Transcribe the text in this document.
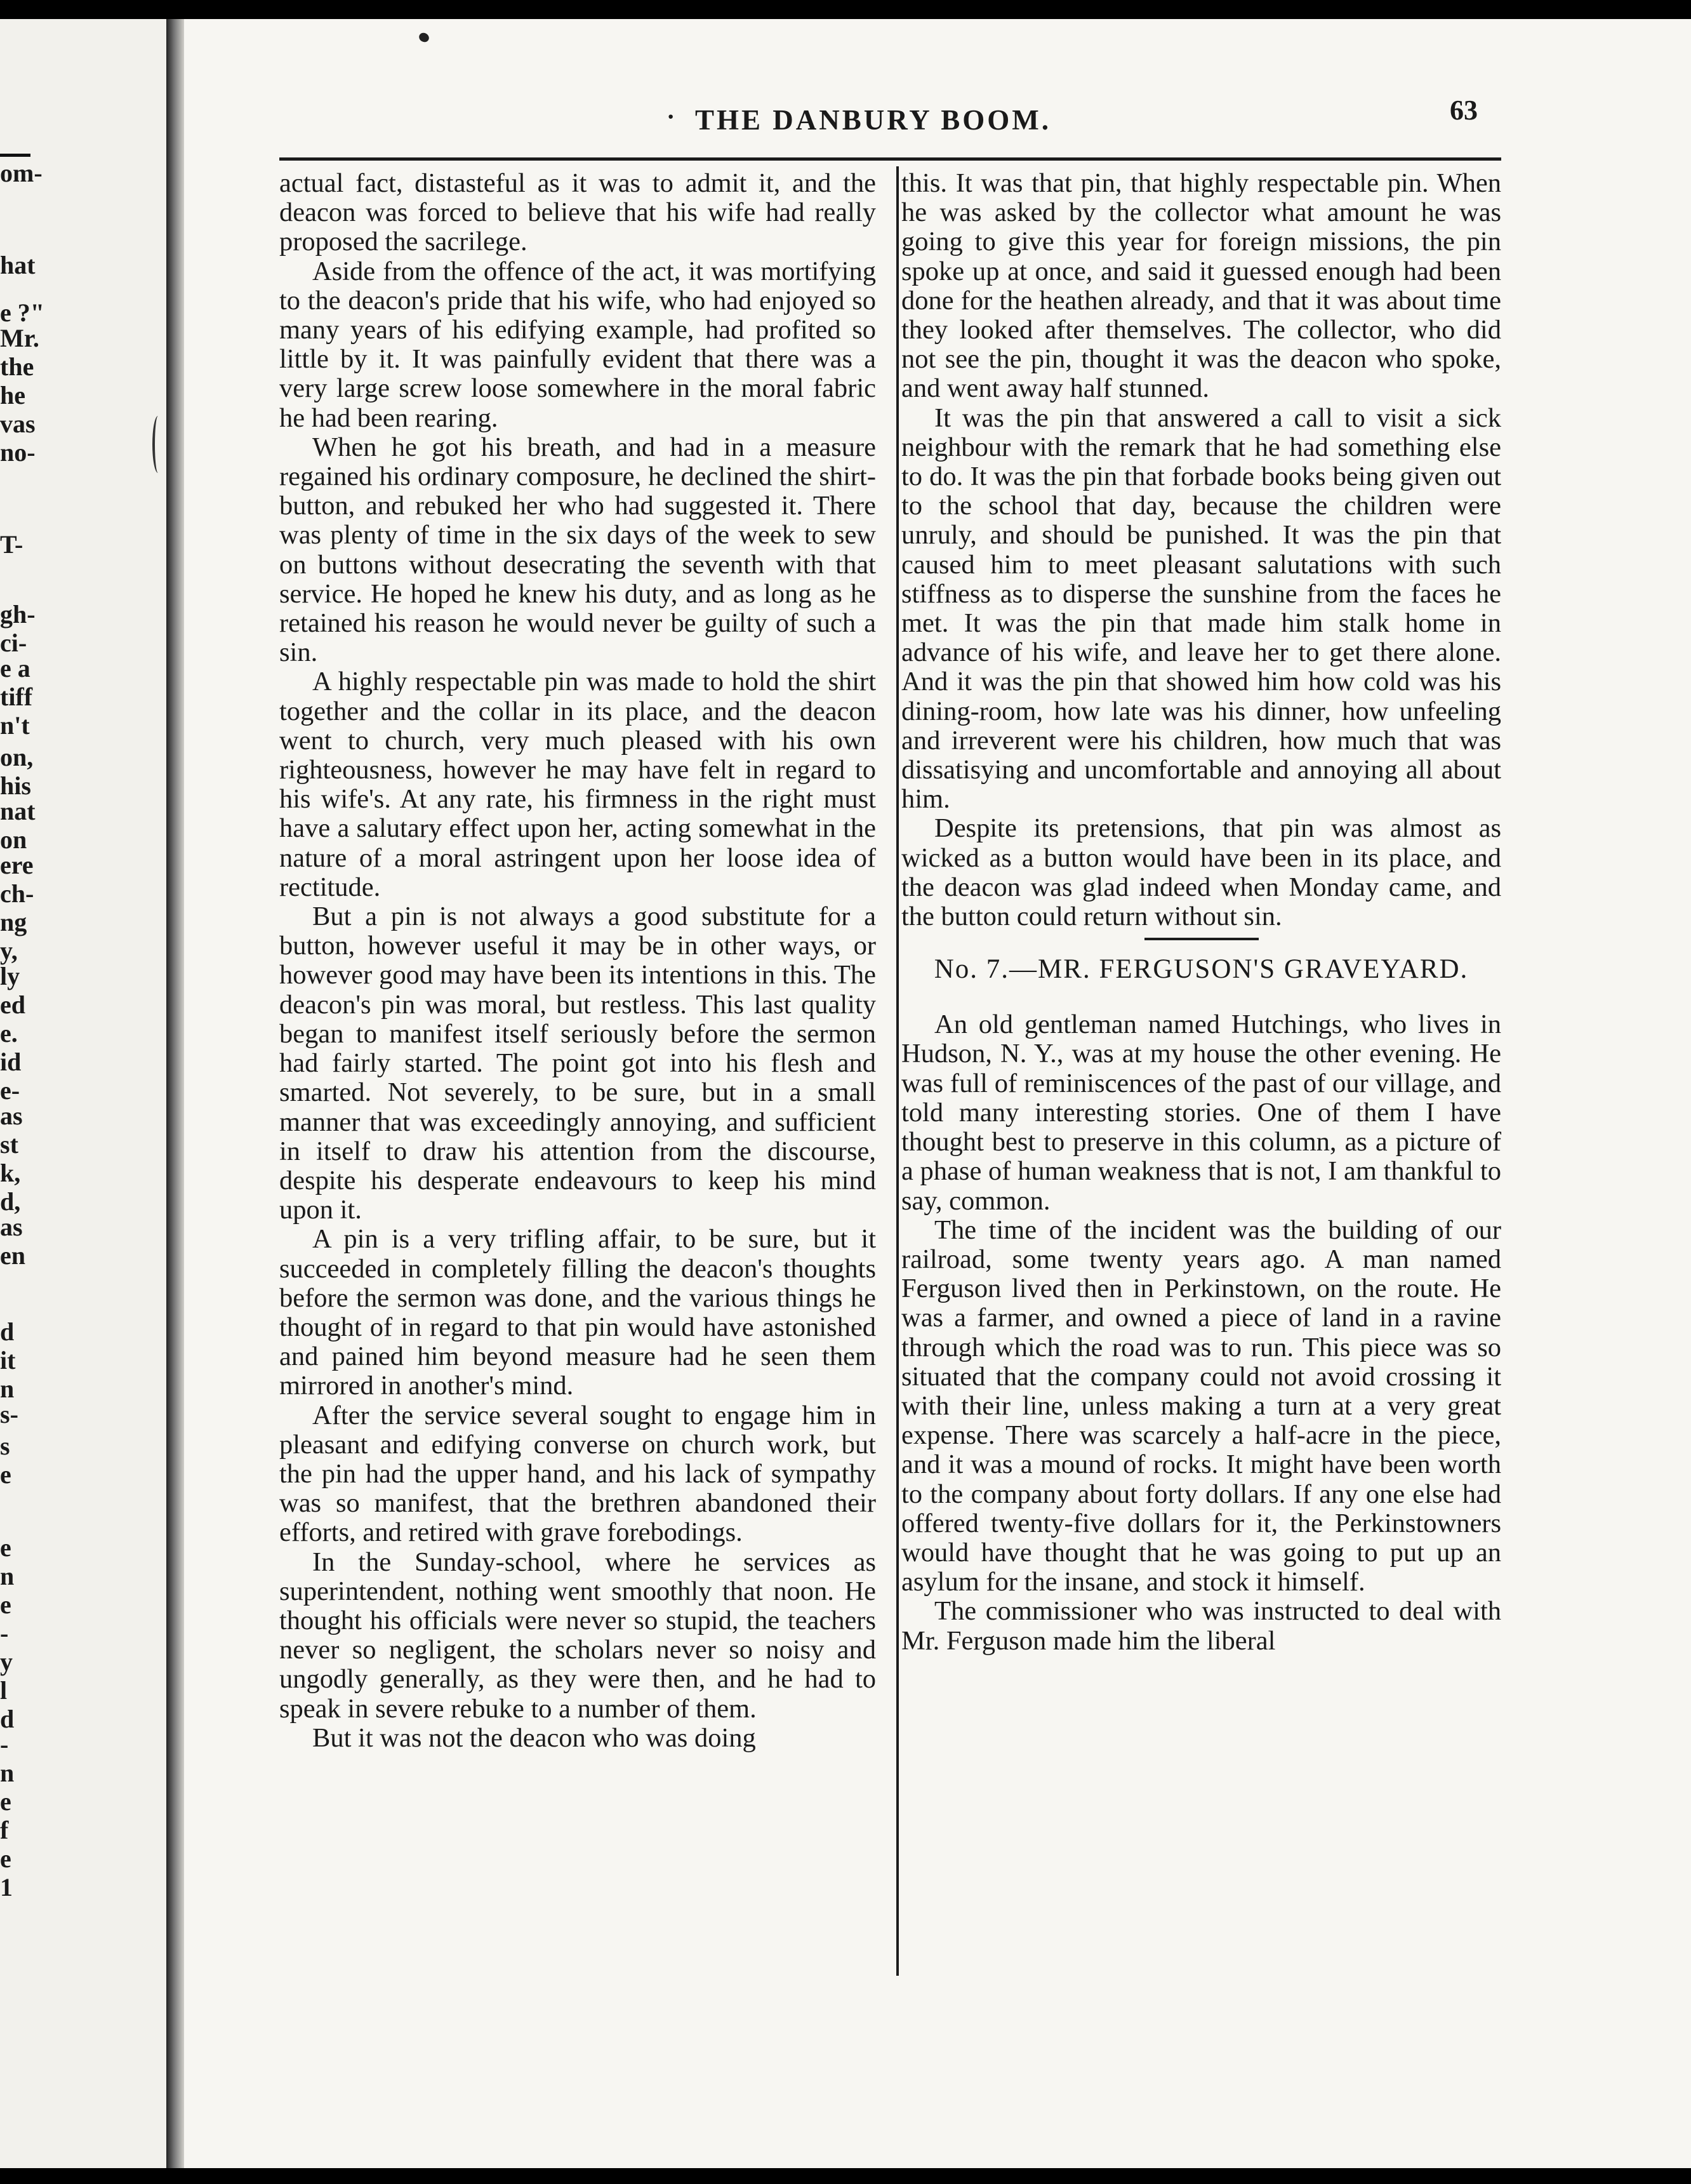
om-
hat
e ?"
Mr.
the
he
vas
no-
T-
gh-
ci-
e a
tiff
n't
on,
his
nat
on
ere
ch-
ng
y,
ly
ed
e.
id
e-
as
st
k,
d,
as
en
d
it
n
s-
s
e
e
n
e
-
y
l
d
-
n
e
f
e
1
· THE DANBURY BOOM.	63

actual fact, distasteful as it was to admit it, and the deacon was forced to believe that his wife had really proposed the sacrilege.

Aside from the offence of the act, it was mortifying to the deacon's pride that his wife, who had enjoyed so many years of his edifying example, had profited so little by it. It was painfully evident that there was a very large screw loose somewhere in the moral fabric he had been rearing.

When he got his breath, and had in a measure regained his ordinary composure, he declined the shirt-button, and rebuked her who had suggested it. There was plenty of time in the six days of the week to sew on buttons without desecrating the seventh with that service. He hoped he knew his duty, and as long as he retained his reason he would never be guilty of such a sin.

A highly respectable pin was made to hold the shirt together and the collar in its place, and the deacon went to church, very much pleased with his own righteousness, however he may have felt in regard to his wife's. At any rate, his firmness in the right must have a salutary effect upon her, acting somewhat in the nature of a moral astringent upon her loose idea of rectitude.

But a pin is not always a good substitute for a button, however useful it may be in other ways, or however good may have been its intentions in this. The deacon's pin was moral, but restless. This last quality began to manifest itself seriously before the sermon had fairly started. The point got into his flesh and smarted. Not severely, to be sure, but in a small manner that was exceedingly annoying, and sufficient in itself to draw his attention from the discourse, despite his desperate endeavours to keep his mind upon it.

A pin is a very trifling affair, to be sure, but it succeeded in completely filling the deacon's thoughts before the sermon was done, and the various things he thought of in regard to that pin would have astonished and pained him beyond measure had he seen them mirrored in another's mind.

After the service several sought to engage him in pleasant and edifying converse on church work, but the pin had the upper hand, and his lack of sympathy was so manifest, that the brethren abandoned their efforts, and retired with grave forebodings.

In the Sunday-school, where he services as superintendent, nothing went smoothly that noon. He thought his officials were never so stupid, the teachers never so negligent, the scholars never so noisy and ungodly generally, as they were then, and he had to speak in severe rebuke to a number of them.

But it was not the deacon who was doing

this. It was that pin, that highly respectable pin. When he was asked by the collector what amount he was going to give this year for foreign missions, the pin spoke up at once, and said it guessed enough had been done for the heathen already, and that it was about time they looked after themselves. The collector, who did not see the pin, thought it was the deacon who spoke, and went away half stunned.

It was the pin that answered a call to visit a sick neighbour with the remark that he had something else to do. It was the pin that forbade books being given out to the school that day, because the children were unruly, and should be punished. It was the pin that caused him to meet pleasant salutations with such stiffness as to disperse the sunshine from the faces he met. It was the pin that made him stalk home in advance of his wife, and leave her to get there alone. And it was the pin that showed him how cold was his dining-room, how late was his dinner, how unfeeling and irreverent were his children, how much that was dissatisying and uncomfortable and annoying all about him.

Despite its pretensions, that pin was almost as wicked as a button would have been in its place, and the deacon was glad indeed when Monday came, and the button could return without sin.

No. 7.—MR. FERGUSON'S GRAVEYARD.

An old gentleman named Hutchings, who lives in Hudson, N. Y., was at my house the other evening. He was full of reminiscences of the past of our village, and told many interesting stories. One of them I have thought best to preserve in this column, as a picture of a phase of human weakness that is not, I am thankful to say, common.

The time of the incident was the building of our railroad, some twenty years ago. A man named Ferguson lived then in Perkinstown, on the route. He was a farmer, and owned a piece of land in a ravine through which the road was to run. This piece was so situated that the company could not avoid crossing it with their line, unless making a turn at a very great expense. There was scarcely a half-acre in the piece, and it was a mound of rocks. It might have been worth to the company about forty dollars. If any one else had offered twenty-five dollars for it, the Perkinstowners would have thought that he was going to put up an asylum for the insane, and stock it himself.

The commissioner who was instructed to deal with Mr. Ferguson made him the liberal
